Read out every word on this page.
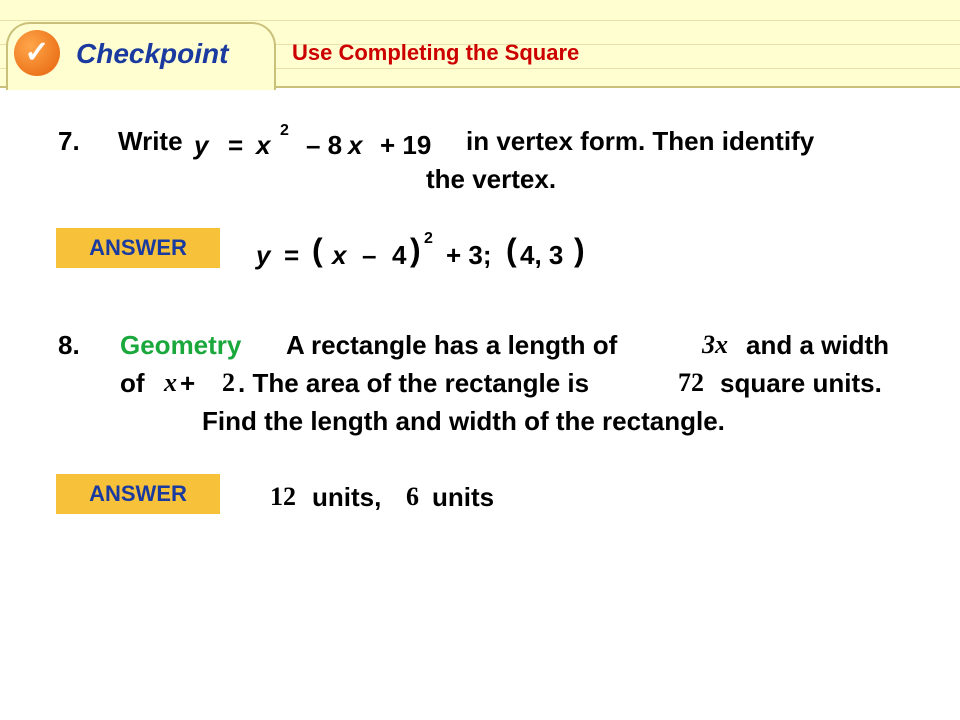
✓ Checkpoint	Use Completing the Square
7. Write y = x 2 – 8 x + 19 in vertex form. Then identify
the vertex.
ANSWER	y = ( x – 4 ) 2
+ 3; ( 4, 3 )
8. Geometry A rectangle has a length of	3x and a width
of x + 2 . The area of the rectangle is	72 square units.
Find the length and width of the rectangle.
ANSWER	12 units, 6 units
